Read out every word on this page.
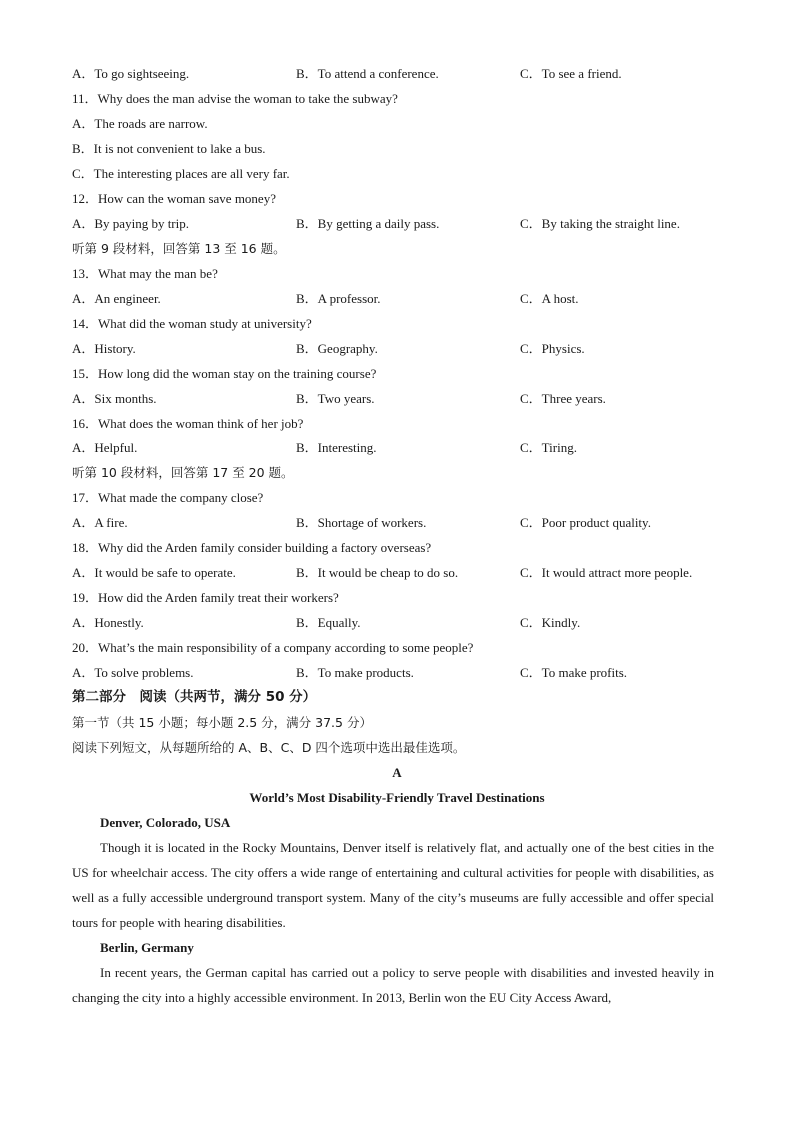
A．To go sightseeing.	B．To attend a conference.	C．To see a friend.
11．Why does the man advise the woman to take the subway?
A．The roads are narrow.
B．It is not convenient to lake a bus.
C．The interesting places are all very far.
12．How can the woman save money?
A．By paying by trip.	B．By getting a daily pass.	C．By taking the straight line.
听第 9 段材料，回答第 13 至 16 题。
13．What may the man be?
A．An engineer.	B．A professor.	C．A host.
14．What did the woman study at university?
A．History.	B．Geography.	C．Physics.
15．How long did the woman stay on the training course?
A．Six months.	B．Two years.	C．Three years.
16．What does the woman think of her job?
A．Helpful.	B．Interesting.	C．Tiring.
听第 10 段材料，回答第 17 至 20 题。
17．What made the company close?
A．A fire.	B．Shortage of workers.	C．Poor product quality.
18．Why did the Arden family consider building a factory overseas?
A．It would be safe to operate.	B．It would be cheap to do so.	C．It would attract more people.
19．How did the Arden family treat their workers?
A．Honestly.	B．Equally.	C．Kindly.
20．What’s the main responsibility of a company according to some people?
A．To solve problems.	B．To make products.	C．To make profits.
第二部分　阅读（共两节，满分 50 分）
第一节（共 15 小题；每小题 2.5 分，满分 37.5 分）
阅读下列短文，从每题所给的 A、B、C、D 四个选项中选出最佳选项。
A
World’s Most Disability-Friendly Travel Destinations
Denver, Colorado, USA
Though it is located in the Rocky Mountains, Denver itself is relatively flat, and actually one of the best cities in the US for wheelchair access. The city offers a wide range of entertaining and cultural activities for people with disabilities, as well as a fully accessible underground transport system. Many of the city’s museums are fully accessible and offer special tours for people with hearing disabilities.
Berlin, Germany
In recent years, the German capital has carried out a policy to serve people with disabilities and invested heavily in changing the city into a highly accessible environment. In 2013, Berlin won the EU City Access Award,
